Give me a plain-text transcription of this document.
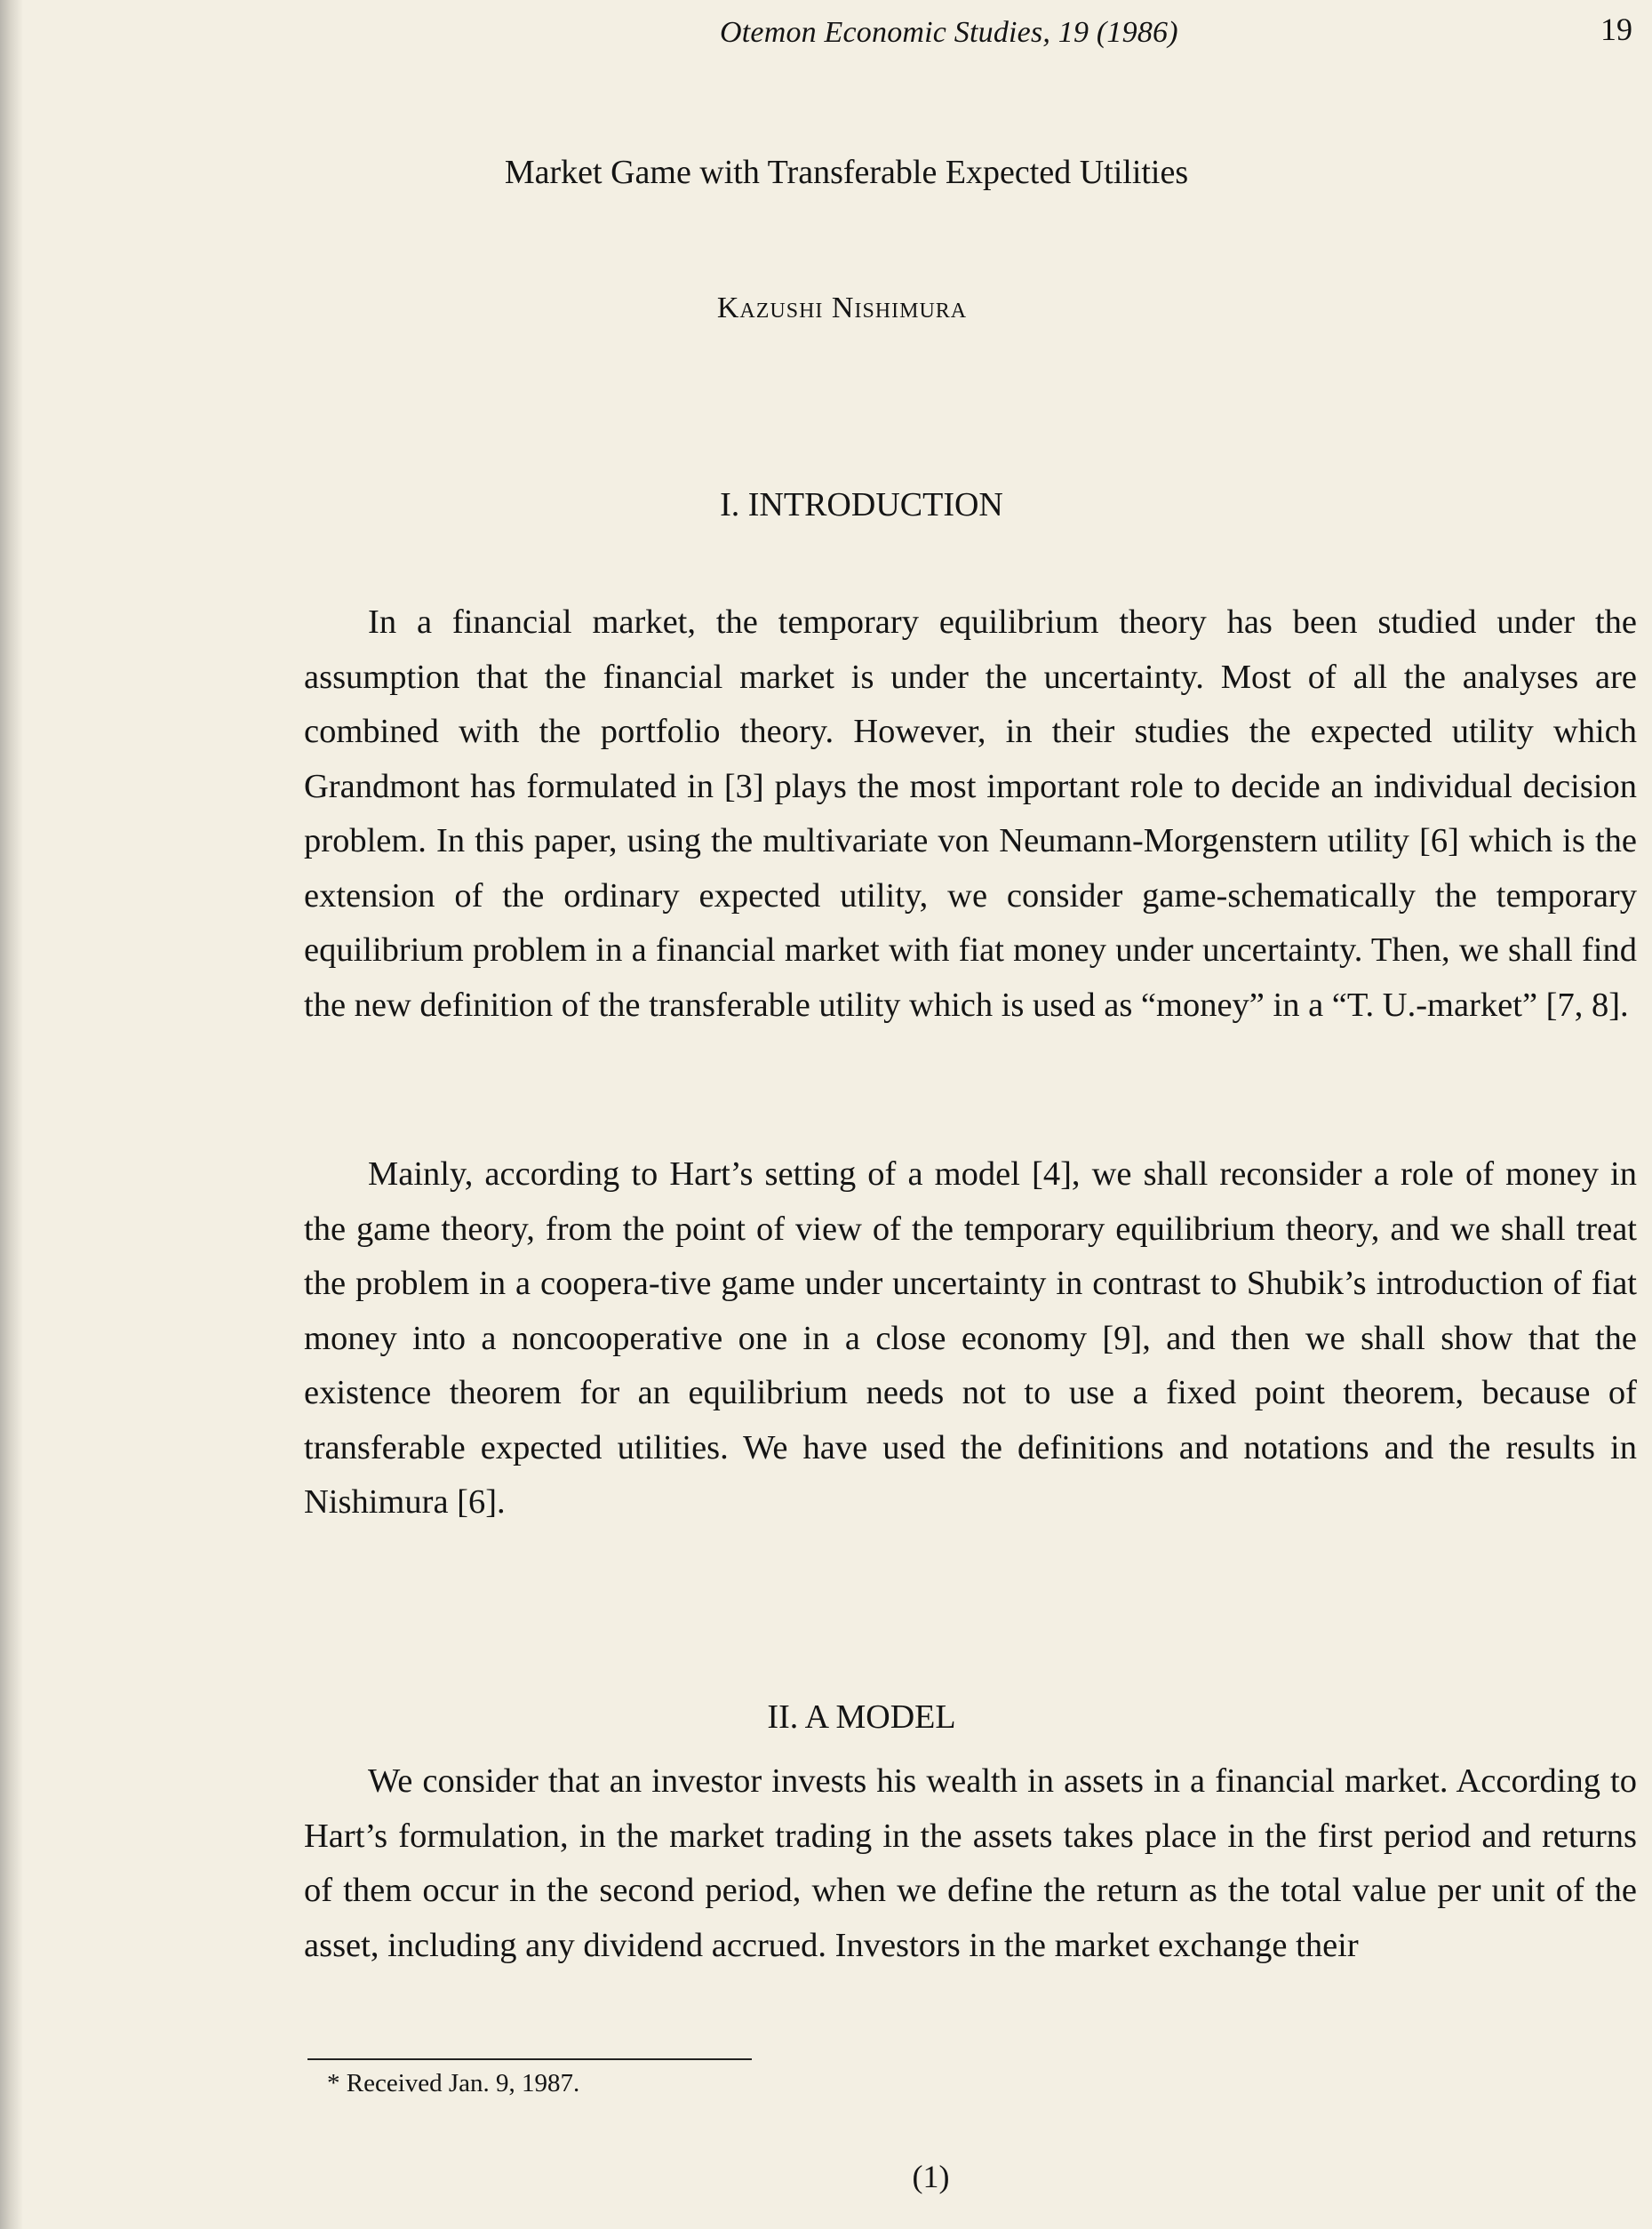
Otemon Economic Studies, 19 (1986)	19
Market Game with Transferable Expected Utilities
Kazushi Nishimura
I. INTRODUCTION

In a financial market, the temporary equilibrium theory has been studied under the assumption that the financial market is under the uncertainty. Most of all the analyses are combined with the portfolio theory. However, in their studies the expected utility which Grandmont has formulated in [3] plays the most important role to decide an individual decision problem. In this paper, using the multivariate von Neumann-Morgenstern utility [6] which is the extension of the ordinary expected utility, we consider game-schematically the temporary equilibrium problem in a financial market with fiat money under uncertainty. Then, we shall find the new definition of the transferable utility which is used as “money” in a “T. U.-market” [7, 8].

Mainly, according to Hart’s setting of a model [4], we shall reconsider a role of money in the game theory, from the point of view of the temporary equilibrium theory, and we shall treat the problem in a coopera-tive game under uncertainty in contrast to Shubik’s introduction of fiat money into a noncooperative one in a close economy [9], and then we shall show that the existence theorem for an equilibrium needs not to use a fixed point theorem, because of transferable expected utilities. We have used the definitions and notations and the results in Nishimura [6].

II. A MODEL

We consider that an investor invests his wealth in assets in a financial market. According to Hart’s formulation, in the market trading in the assets takes place in the first period and returns of them occur in the second period, when we define the return as the total value per unit of the asset, including any dividend accrued. Investors in the market exchange their

* Received Jan. 9, 1987.
(1)
